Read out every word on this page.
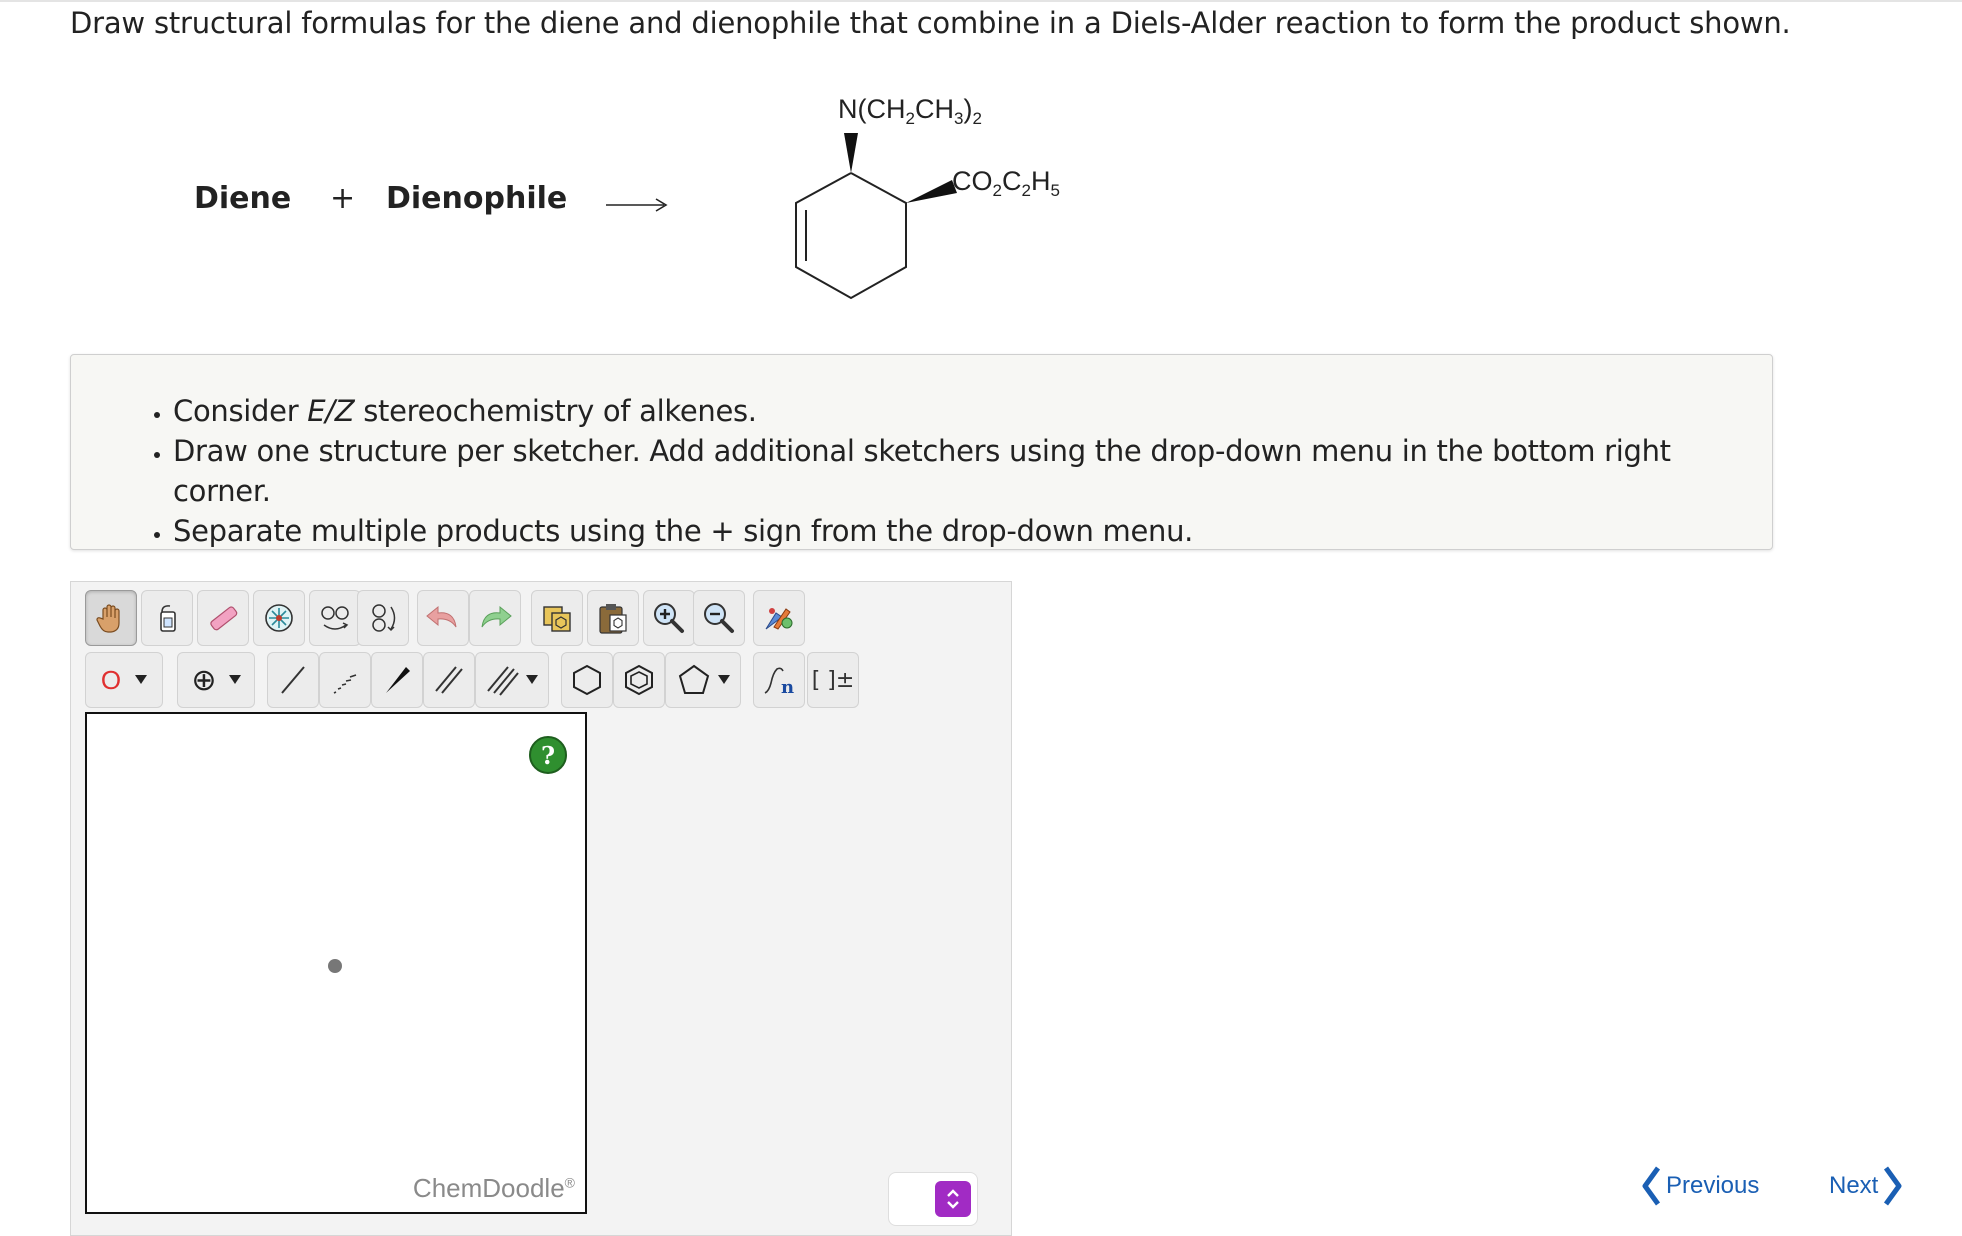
Draw structural formulas for the diene and dienophile that combine in a Diels-Alder reaction to form the product shown.
Diene + Dienophile
$N(CH_2CH_3)_2$
$CO_2C_2H_5$
• Consider E/Z stereochemistry of alkenes.
• Draw one structure per sketcher. Add additional sketchers using the drop-down menu in the bottom right corner.
• Separate multiple products using the + sign from the drop-down menu.
O ⊕	n [ ]±
?
ChemDoodle®	Previous	Next
